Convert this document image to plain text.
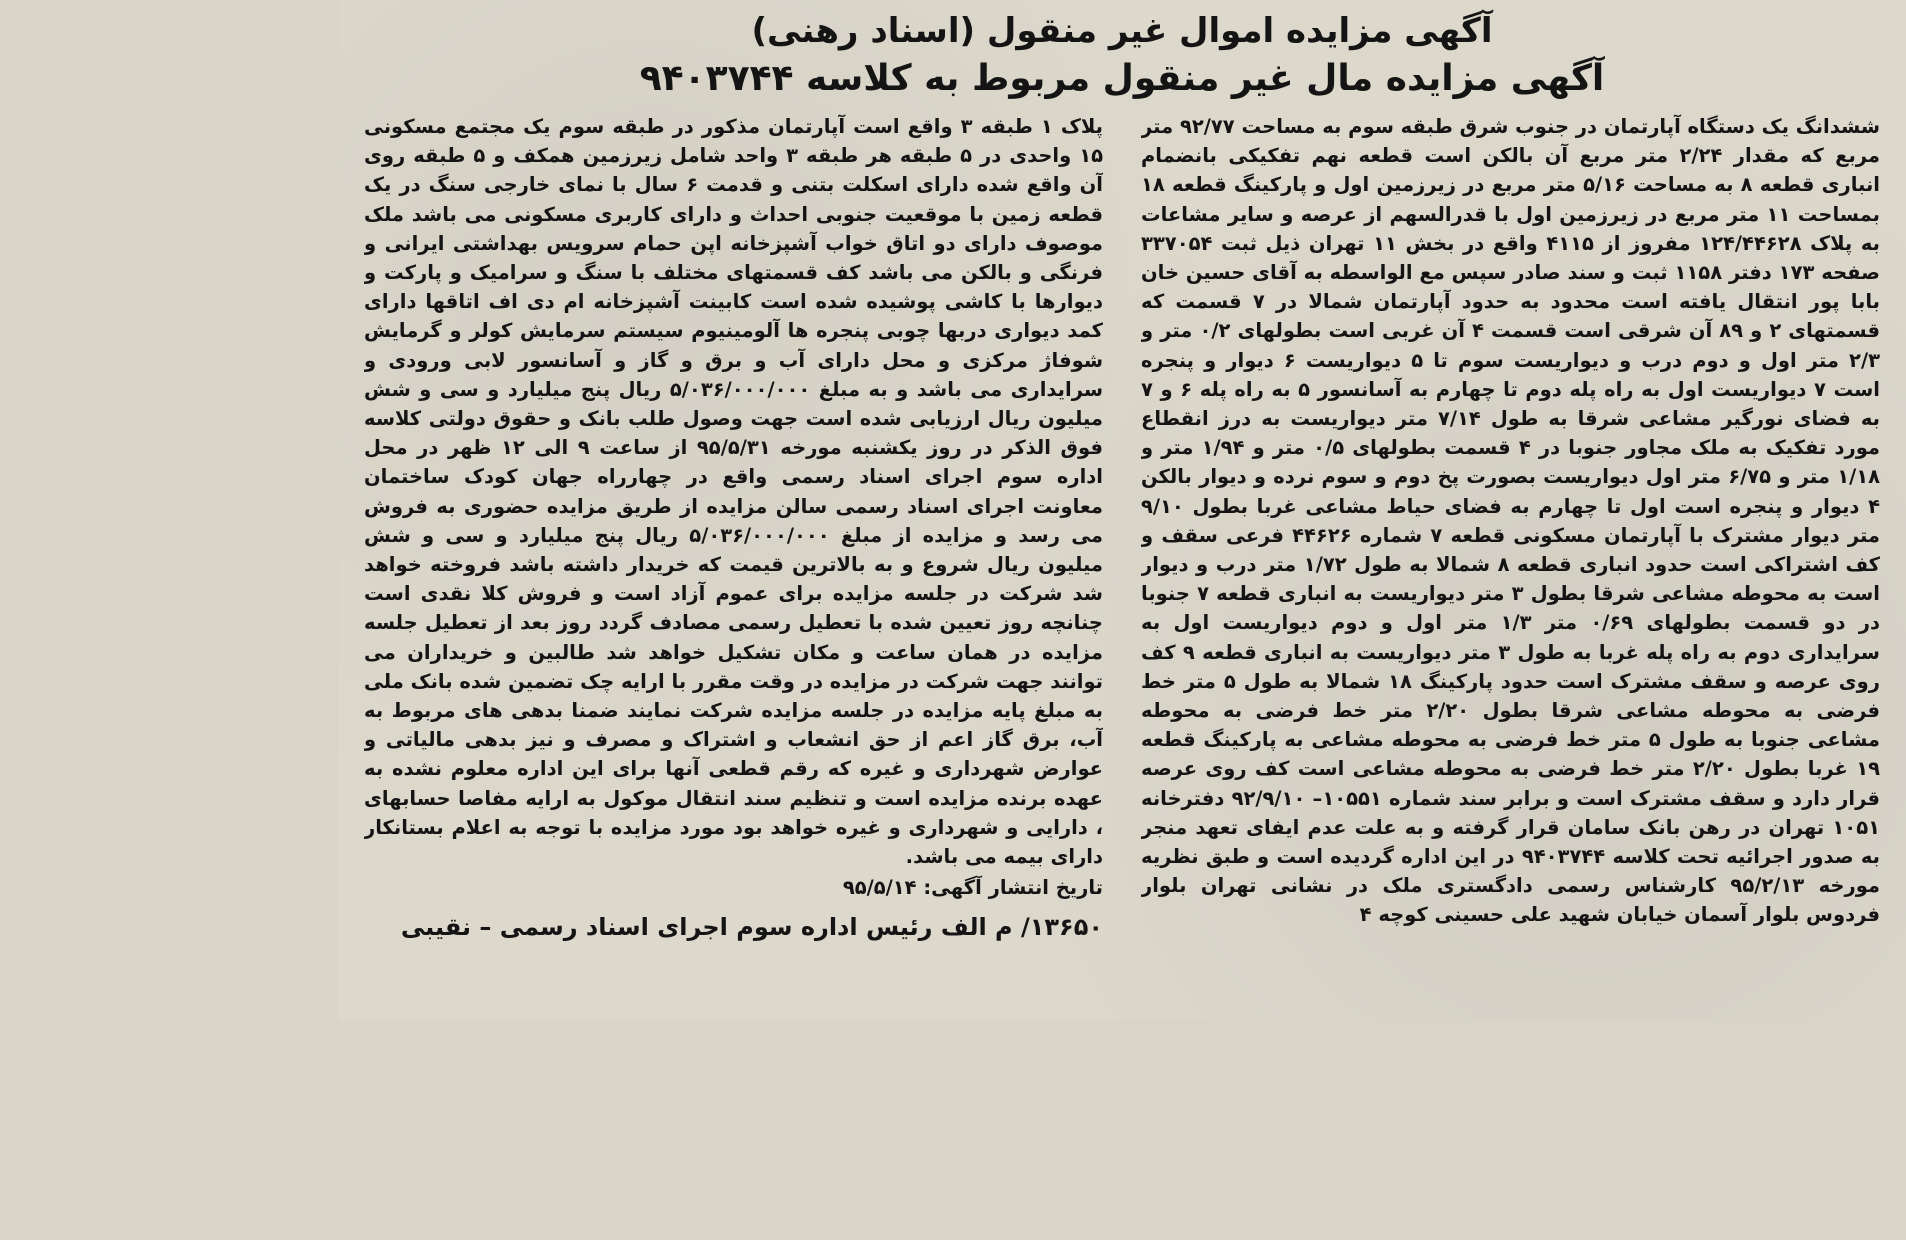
آگهی مزایده اموال غیر منقول (اسناد رهنی)
آگهی مزایده مال غیر منقول مربوط به کلاسه ۹۴۰۳۷۴۴

ششدانگ یک دستگاه آپارتمان در جنوب شرق طبقه سوم به مساحت ۹۲/۷۷ متر مربع که مقدار ۲/۲۴ متر مربع آن بالکن است قطعه نهم تفکیکی بانضمام انباری قطعه ۸ به مساحت ۵/۱۶ متر مربع در زیرزمین اول و پارکینگ قطعه ۱۸ بمساحت ۱۱ متر مربع در زیرزمین اول با قدرالسهم از عرصه و سایر مشاعات به پلاک ۱۲۴/۴۴۶۲۸ مفروز از ۴۱۱۵ واقع در بخش ۱۱ تهران ذیل ثبت ۳۳۷۰۵۴ صفحه ۱۷۳ دفتر ۱۱۵۸ ثبت و سند صادر سپس مع الواسطه به آقای حسین خان بابا پور انتقال یافته است محدود به حدود آپارتمان شمالا در ۷ قسمت که قسمتهای ۲ و ۸۹ آن شرقی است قسمت ۴ آن غربی است بطولهای ۰/۲ متر و ۲/۳ متر اول و دوم درب و دیواریست سوم تا ۵ دیواریست ۶ دیوار و پنجره است ۷ دیواریست اول به راه پله دوم تا چهارم به آسانسور ۵ به راه پله ۶ و ۷ به فضای نورگیر مشاعی شرقا به طول ۷/۱۴ متر دیواریست به درز انقطاع مورد تفکیک به ملک مجاور جنوبا در ۴ قسمت بطولهای ۰/۵ متر و ۱/۹۴ متر و ۱/۱۸ متر و ۶/۷۵ متر اول دیواریست بصورت پخ دوم و سوم نرده و دیوار بالکن ۴ دیوار و پنجره است اول تا چهارم به فضای حیاط مشاعی غربا بطول ۹/۱۰ متر دیوار مشترک با آپارتمان مسکونی قطعه ۷ شماره ۴۴۶۲۶ فرعی سقف و کف اشتراکی است حدود انباری قطعه ۸ شمالا به طول ۱/۷۲ متر درب و دیوار است به محوطه مشاعی شرقا بطول ۳ متر دیواریست به انباری قطعه ۷ جنوبا در دو قسمت بطولهای ۰/۶۹ متر ۱/۳ متر اول و دوم دیواریست اول به سرایداری دوم به راه پله غربا به طول ۳ متر دیواریست به انباری قطعه ۹ کف روی عرصه و سقف مشترک است حدود پارکینگ ۱۸ شمالا به طول ۵ متر خط فرضی به محوطه مشاعی شرقا بطول ۲/۲۰ متر خط فرضی به محوطه مشاعی جنوبا به طول ۵ متر خط فرضی به محوطه مشاعی به پارکینگ قطعه ۱۹ غربا بطول ۲/۲۰ متر خط فرضی به محوطه مشاعی است کف روی عرصه قرار دارد و سقف مشترک است و برابر سند شماره ۱۰۵۵۱– ۹۲/۹/۱۰ دفترخانه ۱۰۵۱ تهران در رهن بانک سامان قرار گرفته و به علت عدم ایفای تعهد منجر به صدور اجرائیه تحت کلاسه ۹۴۰۳۷۴۴ در این اداره گردیده است و طبق نظریه مورخه ۹۵/۲/۱۳ کارشناس رسمی دادگستری ملک در نشانی تهران بلوار فردوس بلوار آسمان خیابان شهید علی حسینی کوچه ۴

پلاک ۱ طبقه ۳ واقع است آپارتمان مذکور در طبقه سوم یک مجتمع مسکونی ۱۵ واحدی در ۵ طبقه هر طبقه ۳ واحد شامل زیرزمین همکف و ۵ طبقه روی آن واقع شده دارای اسکلت بتنی و قدمت ۶ سال با نمای خارجی سنگ در یک قطعه زمین با موقعیت جنوبی احداث و دارای کاربری مسکونی می باشد ملک موصوف دارای دو اتاق خواب آشپزخانه اپن حمام سرویس بهداشتی ایرانی و فرنگی و بالکن می باشد کف قسمتهای مختلف با سنگ و سرامیک و پارکت و دیوارها با کاشی پوشیده شده است کابینت آشپزخانه ام دی اف اتاقها دارای کمد دیواری دربها چوبی پنجره ها آلومینیوم سیستم سرمایش کولر و گرمایش شوفاژ مرکزی و محل دارای آب و برق و گاز و آسانسور لابی ورودی و سرایداری می باشد و به مبلغ ۵/۰۳۶/۰۰۰/۰۰۰ ریال پنج میلیارد و سی و شش میلیون ریال ارزیابی شده است جهت وصول طلب بانک و حقوق دولتی کلاسه فوق الذکر در روز یکشنبه مورخه ۹۵/۵/۳۱ از ساعت ۹ الی ۱۲ ظهر در محل اداره سوم اجرای اسناد رسمی واقع در چهارراه جهان کودک ساختمان معاونت اجرای اسناد رسمی سالن مزایده از طریق مزایده حضوری به فروش می رسد و مزایده از مبلغ ۵/۰۳۶/۰۰۰/۰۰۰ ریال پنج میلیارد و سی و شش میلیون ریال شروع و به بالاترین قیمت که خریدار داشته باشد فروخته خواهد شد شرکت در جلسه مزایده برای عموم آزاد است و فروش کلا نقدی است چنانچه روز تعیین شده با تعطیل رسمی مصادف گردد روز بعد از تعطیل جلسه مزایده در همان ساعت و مکان تشکیل خواهد شد طالبین و خریداران می توانند جهت شرکت در مزایده در وقت مقرر با ارایه چک تضمین شده بانک ملی به مبلغ پایه مزایده در جلسه مزایده شرکت نمایند ضمنا بدهی های مربوط به آب، برق گاز اعم از حق انشعاب و اشتراک و مصرف و نیز بدهی مالیاتی و عوارض شهرداری و غیره که رقم قطعی آنها برای این اداره معلوم نشده به عهده برنده مزایده است و تنظیم سند انتقال موکول به ارایه مفاصا حسابهای ، دارایی و شهرداری و غیره خواهد بود مورد مزایده با توجه به اعلام بستانکار دارای بیمه می باشد.

تاریخ انتشار آگهی: ۹۵/۵/۱۴
۱۳۶۵۰/ م الف رئیس اداره سوم اجرای اسناد رسمی – نقیبی
